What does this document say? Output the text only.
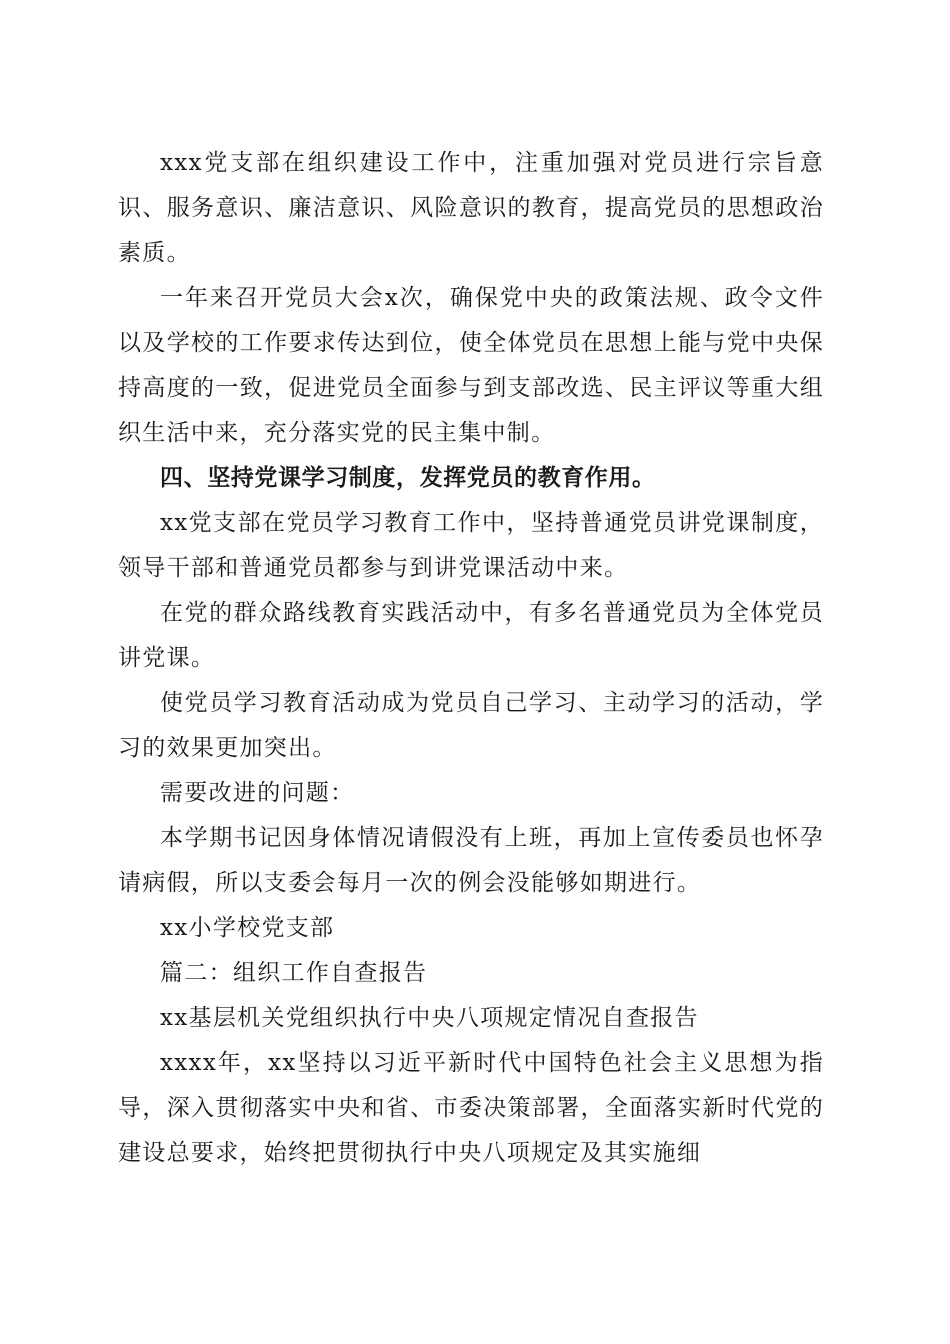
xxx党支部在组织建设工作中，注重加强对党员进行宗旨意识、服务意识、廉洁意识、风险意识的教育，提高党员的思想政治素质。

一年来召开党员大会x次，确保党中央的政策法规、政令文件以及学校的工作要求传达到位，使全体党员在思想上能与党中央保持高度的一致，促进党员全面参与到支部改选、民主评议等重大组织生活中来，充分落实党的民主集中制。

四、坚持党课学习制度，发挥党员的教育作用。

xx党支部在党员学习教育工作中，坚持普通党员讲党课制度，领导干部和普通党员都参与到讲党课活动中来。

在党的群众路线教育实践活动中，有多名普通党员为全体党员讲党课。

使党员学习教育活动成为党员自己学习、主动学习的活动，学习的效果更加突出。

需要改进的问题：

本学期书记因身体情况请假没有上班，再加上宣传委员也怀孕请病假，所以支委会每月一次的例会没能够如期进行。

xx小学校党支部

篇二：组织工作自查报告

xx基层机关党组织执行中央八项规定情况自查报告

xxxx年，xx坚持以习近平新时代中国特色社会主义思想为指导，深入贯彻落实中央和省、市委决策部署，全面落实新时代党的建设总要求，始终把贯彻执行中央八项规定及其实施细
